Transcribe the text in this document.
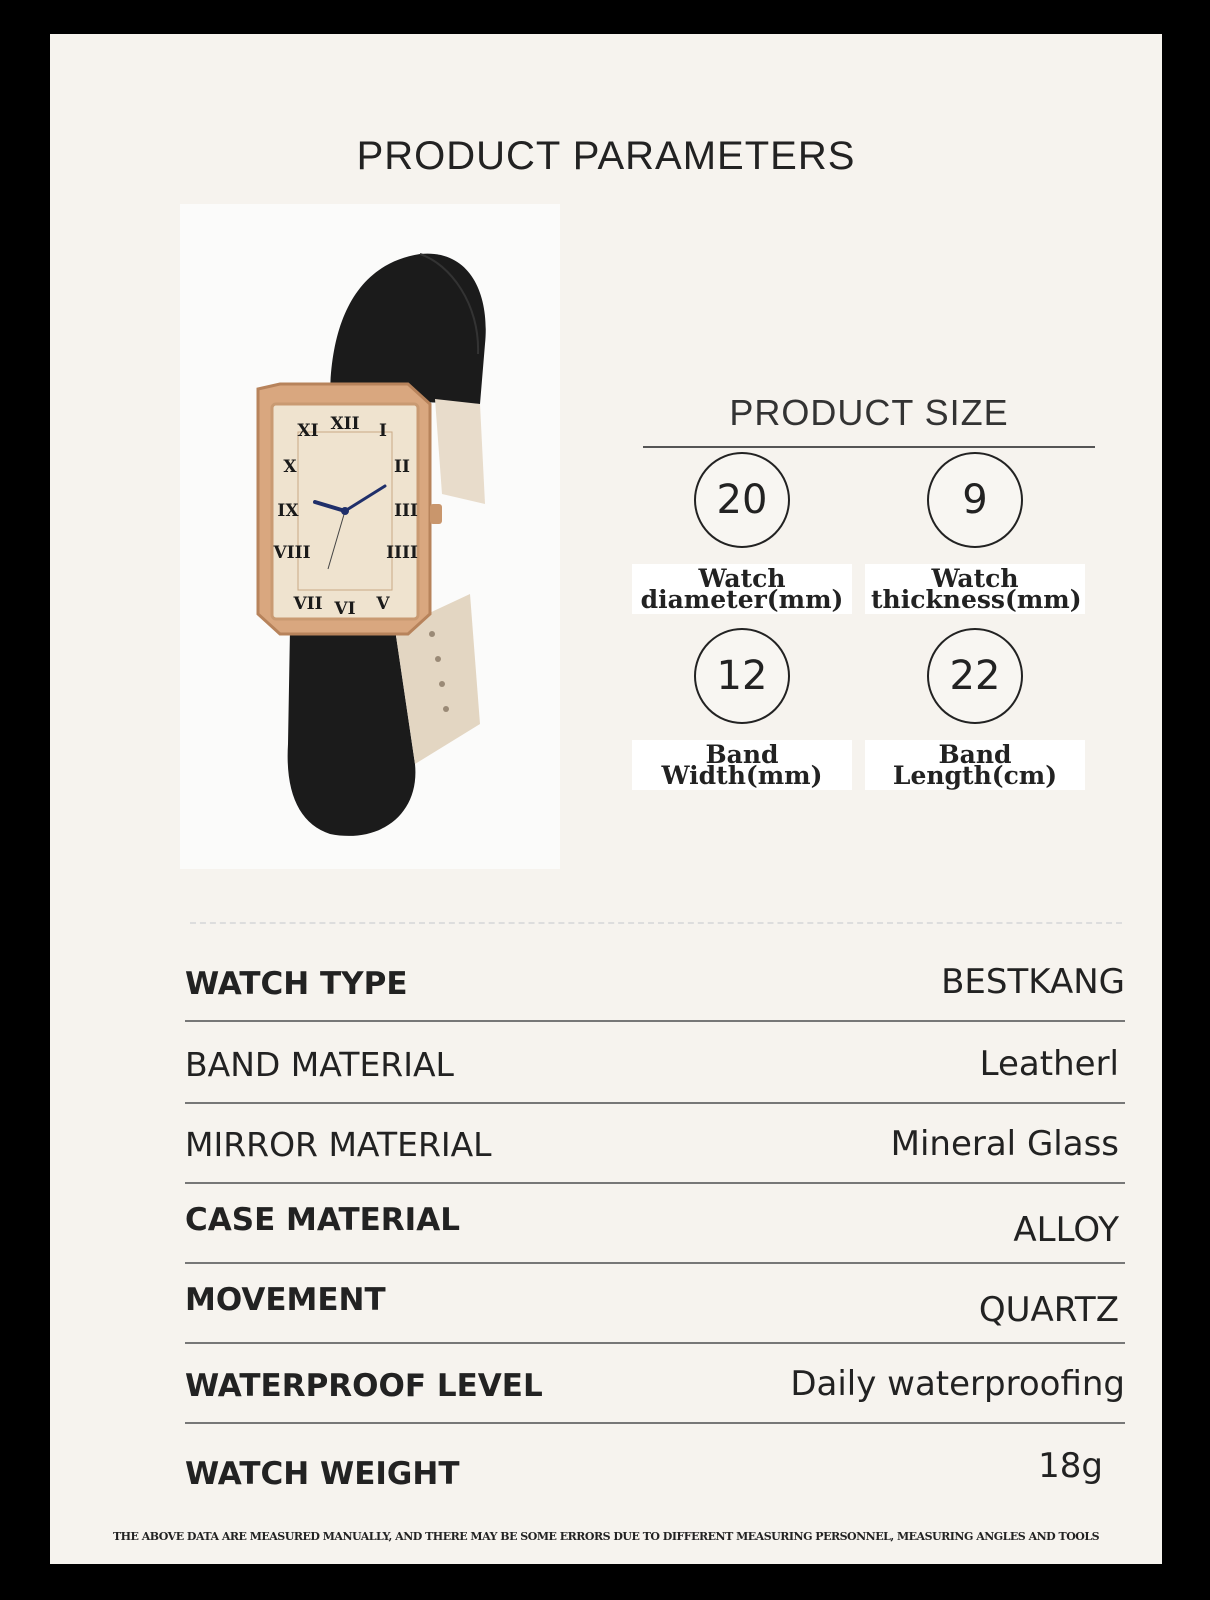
PRODUCT PARAMETERS
XII I
II
III
IIII
V
VI
VII
VIII
IX
X
XI	PRODUCT SIZE
20
Watch
diameter(mm)
9
Watch
thickness(mm)
12
Band
Width(mm)
22
Band
Length(cm)
WATCH TYPE	BESTKANG
BAND MATERIAL	Leatherl
MIRROR MATERIAL	Mineral Glass
CASE MATERIAL	ALLOY
MOVEMENT	QUARTZ
WATERPROOF LEVEL	Daily waterproofing
WATCH WEIGHT	18g
THE ABOVE DATA ARE MEASURED MANUALLY, AND THERE MAY BE SOME ERRORS DUE TO DIFFERENT MEASURING PERSONNEL, MEASURING ANGLES AND TOOLS
